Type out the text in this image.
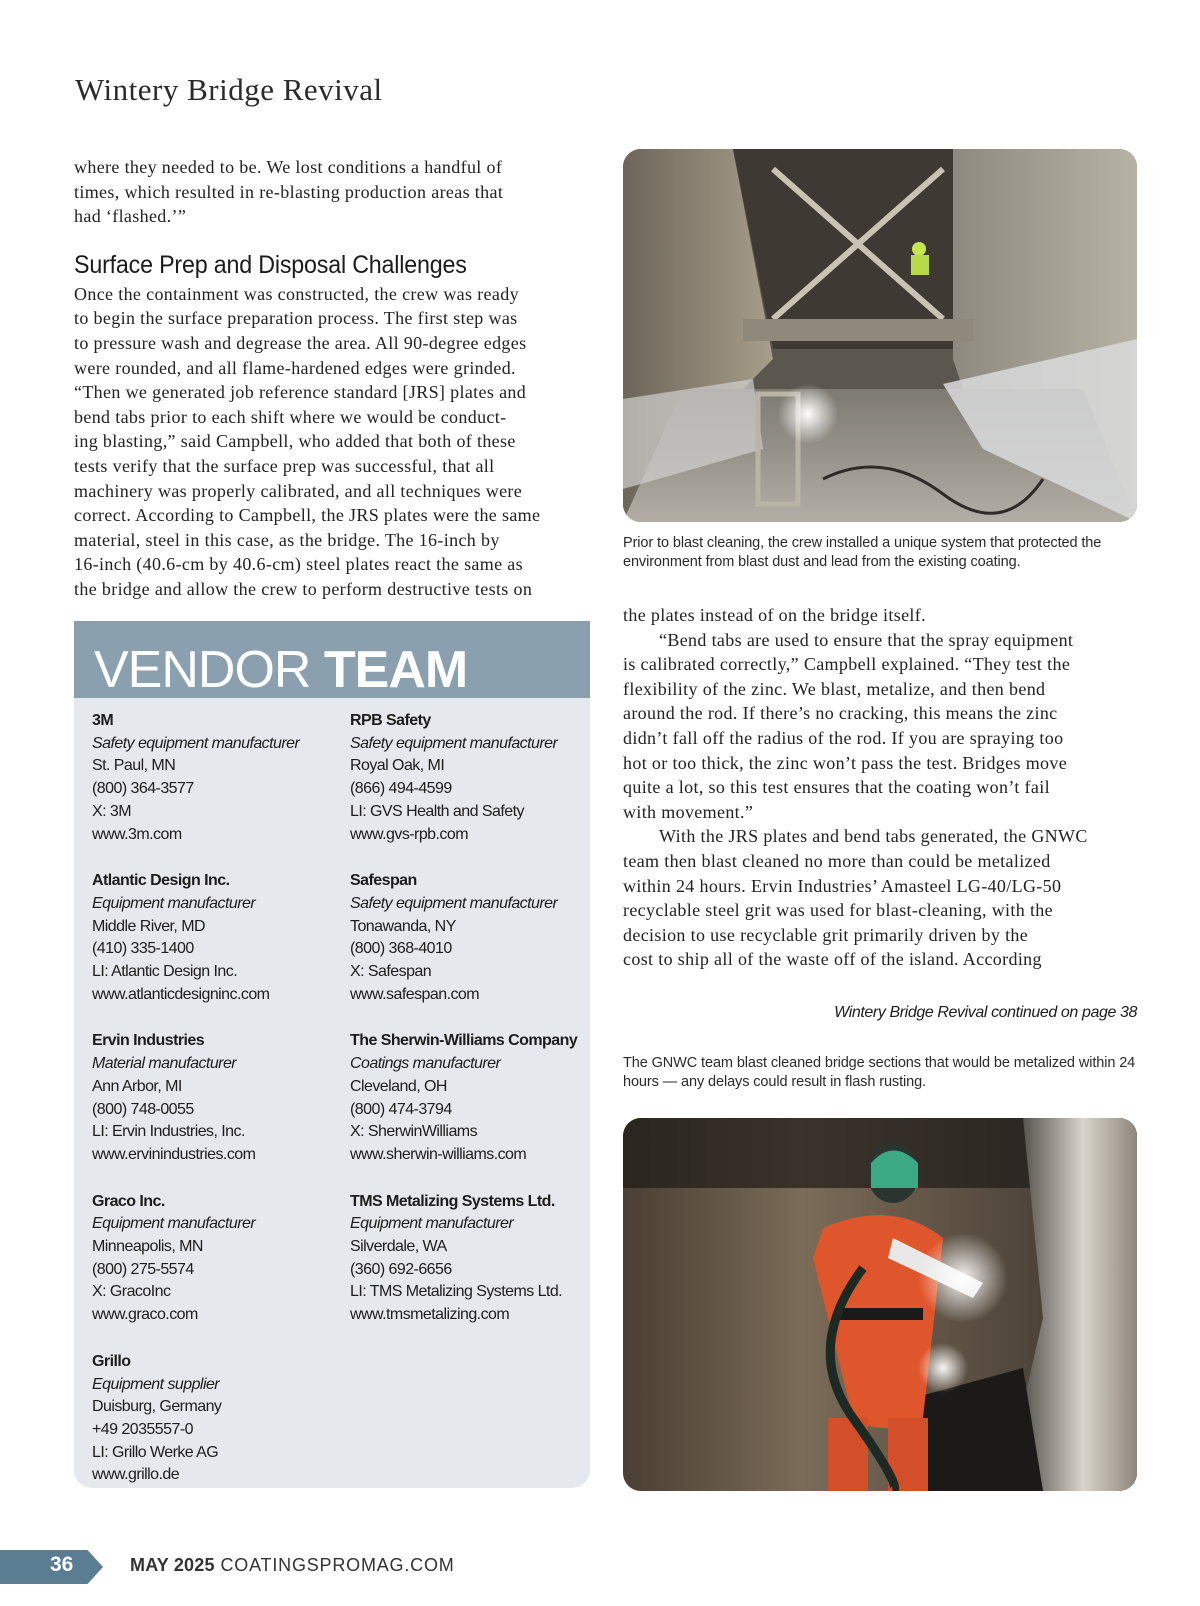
Wintery Bridge Revival

where they needed to be. We lost conditions a handful of
times, which resulted in re-blasting production areas that
had ‘flashed.’”

Surface Prep and Disposal Challenges

Once the containment was constructed, the crew was ready
to begin the surface preparation process. The first step was
to pressure wash and degrease the area. All 90-degree edges
were rounded, and all flame-hardened edges were grinded.
“Then we generated job reference standard [JRS] plates and
bend tabs prior to each shift where we would be conduct-
ing blasting,” said Campbell, who added that both of these
tests verify that the surface prep was successful, that all
machinery was properly calibrated, and all techniques were
correct. According to Campbell, the JRS plates were the same
material, steel in this case, as the bridge. The 16-inch by
16-inch (40.6-cm by 40.6-cm) steel plates react the same as
the bridge and allow the crew to perform destructive tests on

VENDOR TEAM
3M
Safety equipment manufacturer
St. Paul, MN
(800) 364-3577
X: 3M
www.3m.com
Atlantic Design Inc.
Equipment manufacturer
Middle River, MD
(410) 335-1400
LI: Atlantic Design Inc.
www.atlanticdesigninc.com
Ervin Industries
Material manufacturer
Ann Arbor, MI
(800) 748-0055
LI: Ervin Industries, Inc.
www.ervinindustries.com
Graco Inc.
Equipment manufacturer
Minneapolis, MN
(800) 275-5574
X: GracoInc
www.graco.com
Grillo
Equipment supplier
Duisburg, Germany
+49 2035557-0
LI: Grillo Werke AG
www.grillo.de
RPB Safety
Safety equipment manufacturer
Royal Oak, MI
(866) 494-4599
LI: GVS Health and Safety
www.gvs-rpb.com
Safespan
Safety equipment manufacturer
Tonawanda, NY
(800) 368-4010
X: Safespan
www.safespan.com
The Sherwin-Williams Company
Coatings manufacturer
Cleveland, OH
(800) 474-3794
X: SherwinWilliams
www.sherwin-williams.com
TMS Metalizing Systems Ltd.
Equipment manufacturer
Silverdale, WA
(360) 692-6656
LI: TMS Metalizing Systems Ltd.
www.tmsmetalizing.com
Prior to blast cleaning, the crew installed a unique system that protected the environment from blast dust and lead from the existing coating.

the plates instead of on the bridge itself.

“Bend tabs are used to ensure that the spray equipment
is calibrated correctly,” Campbell explained. “They test the
flexibility of the zinc. We blast, metalize, and then bend
around the rod. If there’s no cracking, this means the zinc
didn’t fall off the radius of the rod. If you are spraying too
hot or too thick, the zinc won’t pass the test. Bridges move
quite a lot, so this test ensures that the coating won’t fail
with movement.”

With the JRS plates and bend tabs generated, the GNWC
team then blast cleaned no more than could be metalized
within 24 hours. Ervin Industries’ Amasteel LG-40/LG-50
recyclable steel grit was used for blast-cleaning, with the
decision to use recyclable grit primarily driven by the
cost to ship all of the waste off of the island. According

Wintery Bridge Revival continued on page 38
The GNWC team blast cleaned bridge sections that would be metalized within 24 hours — any delays could result in flash rusting.
36	MAY 2025 COATINGSPROMAG.COM
